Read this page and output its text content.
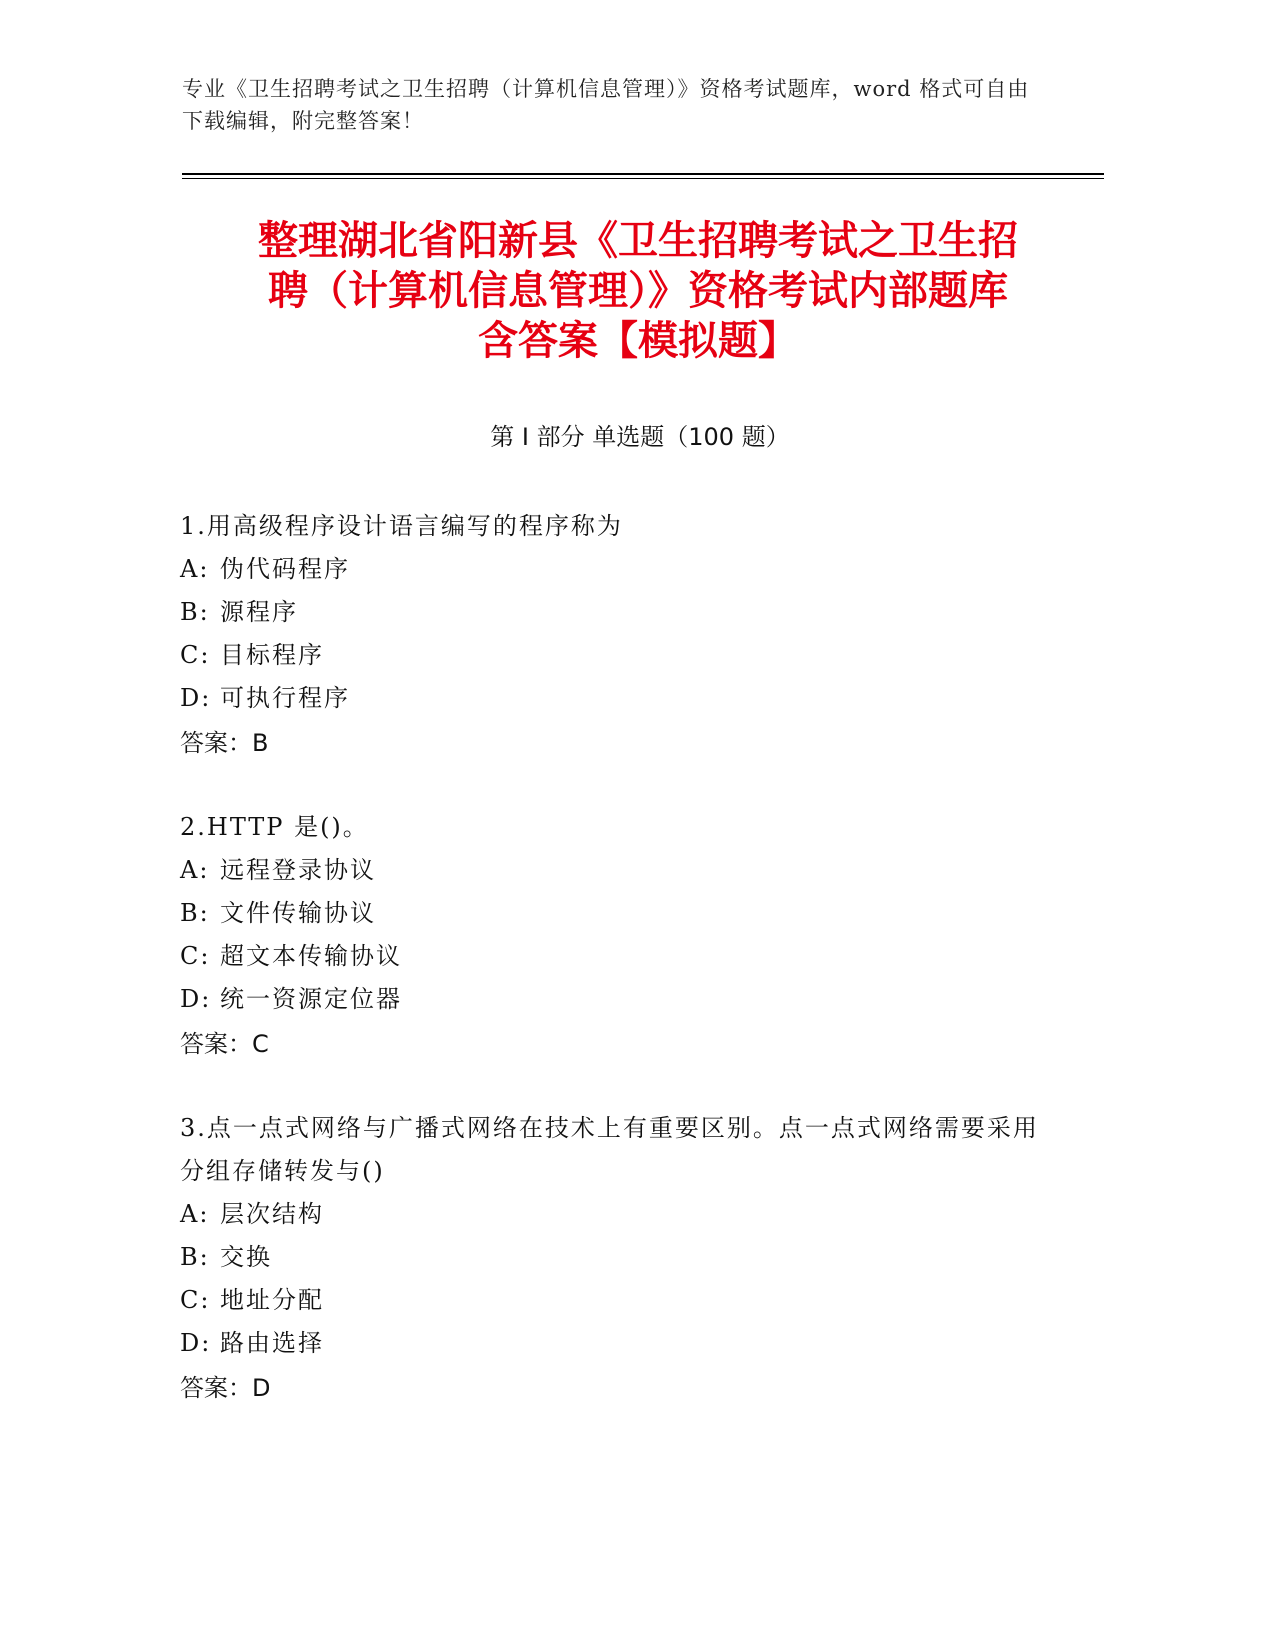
专业《卫生招聘考试之卫生招聘（计算机信息管理）》资格考试题库，word 格式可自由下载编辑，附完整答案！
整理湖北省阳新县《卫生招聘考试之卫生招
聘（计算机信息管理）》资格考试内部题库
含答案【模拟题】
第 I 部分 单选题（100 题）
1.用高级程序设计语言编写的程序称为
A: 伪代码程序
B: 源程序
C: 目标程序
D: 可执行程序
答案：B
2.HTTP 是()。
A: 远程登录协议
B: 文件传输协议
C: 超文本传输协议
D: 统一资源定位器
答案：C
3.点一点式网络与广播式网络在技术上有重要区别。点一点式网络需要采用分组存储转发与()
A: 层次结构
B: 交换
C: 地址分配
D: 路由选择
答案：D
